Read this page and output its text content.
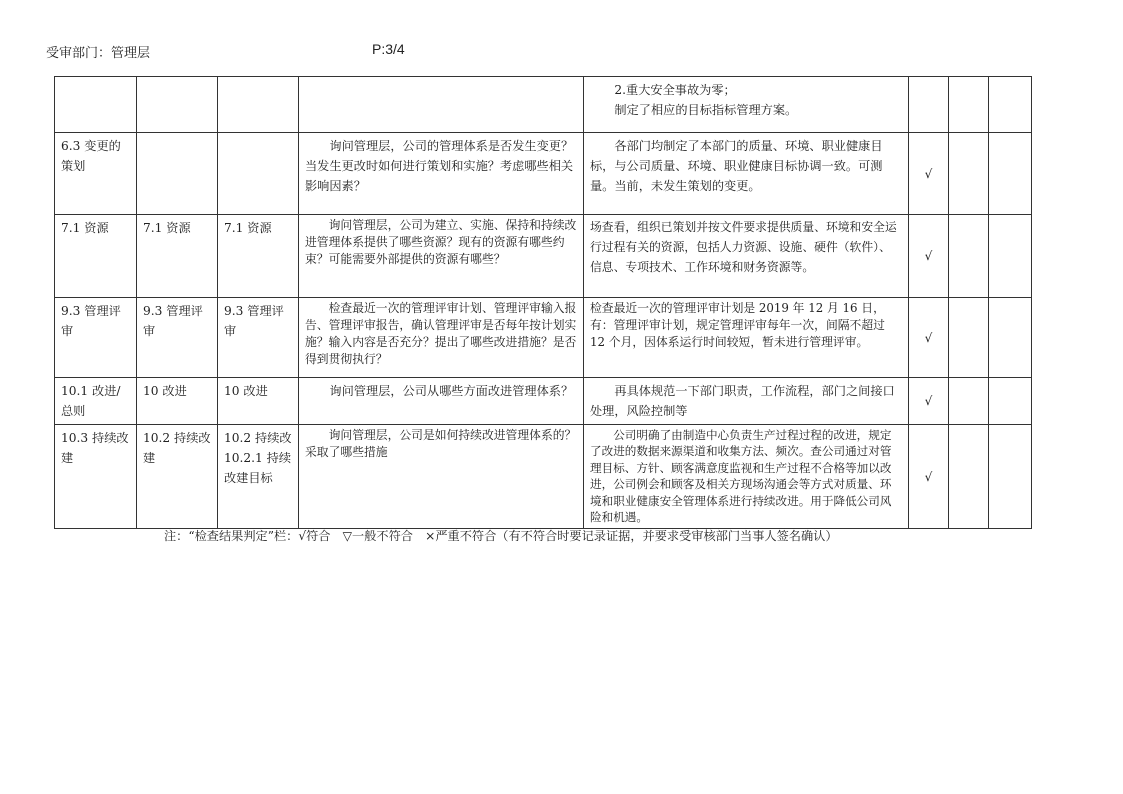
受审部门：管理层	P:3/4

				2.重大安全事故为零；
制定了相应的目标指标管理方案。			

6.3 变更的策划			询问管理层，公司的管理体系是否发生变更？当发生更改时如何进行策划和实施？考虑哪些相关影响因素？	各部门均制定了本部门的质量、环境、职业健康目标，与公司质量、环境、职业健康目标协调一致。可测量。当前，未发生策划的变更。	√		
7.1 资源	7.1 资源	7.1 资源	询问管理层，公司为建立、实施、保持和持续改进管理体系提供了哪些资源？现有的资源有哪些约束？可能需要外部提供的资源有哪些？	场查看，组织已策划并按文件要求提供质量、环境和安全运行过程有关的资源，包括人力资源、设施、硬件（软件）、信息、专项技术、工作环境和财务资源等。	√		
9.3 管理评审	9.3 管理评审	9.3 管理评审	检查最近一次的管理评审计划、管理评审输入报告、管理评审报告，确认管理评审是否每年按计划实施？输入内容是否充分？提出了哪些改进措施？是否得到贯彻执行？	检查最近一次的管理评审计划是 2019 年 12 月 16 日，有：管理评审计划，规定管理评审每年一次，间隔不超过 12 个月，因体系运行时间较短，暂未进行管理评审。	√		
10.1 改进/总则	10 改进	10 改进	询问管理层，公司从哪些方面改进管理体系？	再具体规范一下部门职责，工作流程，部门之间接口处理，风险控制等	√		
10.3 持续改建	10.2 持续改建	10.2 持续改 10.2.1 持续改建目标	询问管理层，公司是如何持续改进管理体系的？采取了哪些措施	公司明确了由制造中心负责生产过程过程的改进，规定了改进的数据来源渠道和收集方法、频次。查公司通过对管理目标、方针、顾客满意度监视和生产过程不合格等加以改进，公司例会和顾客及相关方现场沟通会等方式对质量、环境和职业健康安全管理体系进行持续改进。用于降低公司风险和机遇。	√		
注：“检查结果判定”栏：√符合　▽一般不符合　×严重不符合（有不符合时要记录证据，并要求受审核部门当事人签名确认）
